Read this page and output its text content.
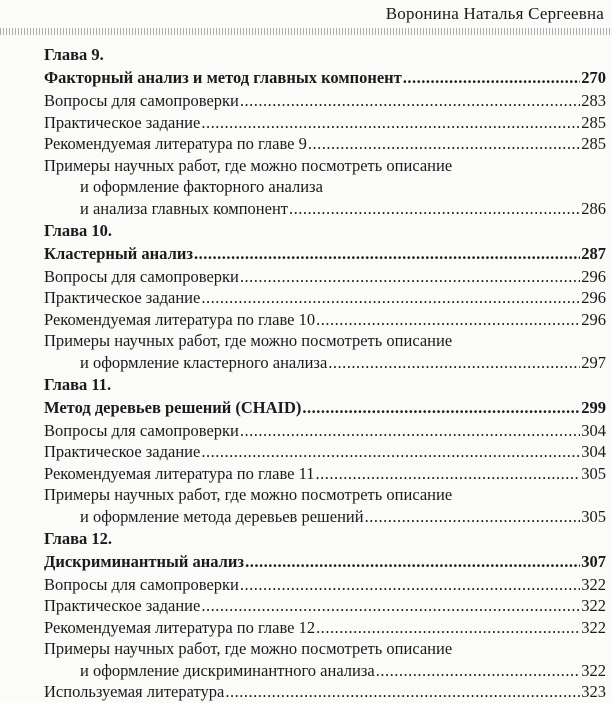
Воронина Наталья Сергеевна
Глава 9.
Факторный анализ и метод главных компонент .....	270
Вопросы для самопроверки .....	283
Практическое задание .....	285
Рекомендуемая литература по главе 9 .....	285
Примеры научных работ, где можно посмотреть описание
и оформление факторного анализа
и анализа главных компонент .....	286
Глава 10.
Кластерный анализ .....	287
Вопросы для самопроверки .....	296
Практическое задание .....	296
Рекомендуемая литература по главе 10 .....	296
Примеры научных работ, где можно посмотреть описание
и оформление кластерного анализа .....	297
Глава 11.
Метод деревьев решений (CHAID) .....	299
Вопросы для самопроверки .....	304
Практическое задание .....	304
Рекомендуемая литература по главе 11 .....	305
Примеры научных работ, где можно посмотреть описание
и оформление метода деревьев решений .....	305
Глава 12.
Дискриминантный анализ .....	307
Вопросы для самопроверки .....	322
Практическое задание .....	322
Рекомендуемая литература по главе 12 .....	322
Примеры научных работ, где можно посмотреть описание
и оформление дискриминантного анализа .....	322
Используемая литература .....	323
